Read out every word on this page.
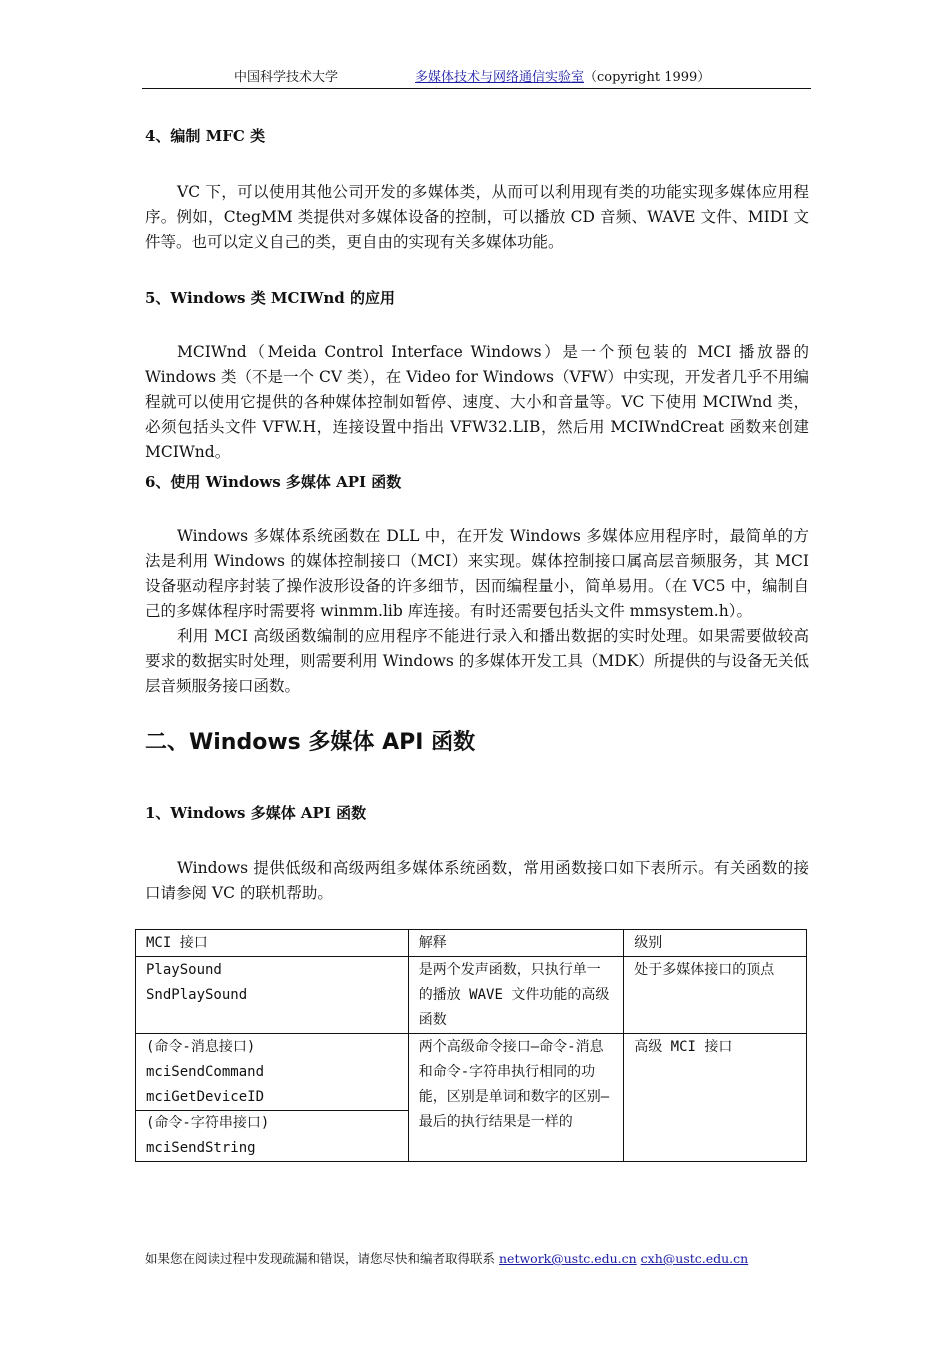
中国科学技术大学	多媒体技术与网络通信实验室（copyright 1999）
4、编制 MFC 类

VC 下，可以使用其他公司开发的多媒体类，从而可以利用现有类的功能实现多媒体应用程序。例如，CtegMM 类提供对多媒体设备的控制，可以播放 CD 音频、WAVE 文件、MIDI 文件等。也可以定义自己的类，更自由的实现有关多媒体功能。

5、Windows 类 MCIWnd 的应用

MCIWnd（Meida Control Interface Windows）是一个预包装的 MCI 播放器的 Windows 类（不是一个 CV 类），在 Video for Windows（VFW）中实现，开发者几乎不用编程就可以使用它提供的各种媒体控制如暂停、速度、大小和音量等。VC 下使用 MCIWnd 类，必须包括头文件 VFW.H，连接设置中指出 VFW32.LIB，然后用 MCIWndCreat 函数来创建 MCIWnd。

6、使用 Windows 多媒体 API 函数

Windows 多媒体系统函数在 DLL 中，在开发 Windows 多媒体应用程序时，最简单的方法是利用 Windows 的媒体控制接口（MCI）来实现。媒体控制接口属高层音频服务，其 MCI 设备驱动程序封装了操作波形设备的许多细节，因而编程量小，简单易用。（在 VC5 中，编制自己的多媒体程序时需要将 winmm.lib 库连接。有时还需要包括头文件 mmsystem.h）。

利用 MCI 高级函数编制的应用程序不能进行录入和播出数据的实时处理。如果需要做较高要求的数据实时处理，则需要利用 Windows 的多媒体开发工具（MDK）所提供的与设备无关低层音频服务接口函数。

二、Windows 多媒体 API 函数
1、Windows 多媒体 API 函数

Windows 提供低级和高级两组多媒体系统函数，常用函数接口如下表所示。有关函数的接口请参阅 VC 的联机帮助。

MCI 接口	解释	级别

PlaySound
SndPlaySound	是两个发声函数，只执行单一的播放 WAVE 文件功能的高级函数	处于多媒体接口的顶点

(命令-消息接口)
mciSendCommand
mciGetDeviceID
(命令-字符串接口)
mciSendString	两个高级命令接口—命令-消息和命令-字符串执行相同的功能，区别是单词和数字的区别—最后的执行结果是一样的	高级 MCI 接口
如果您在阅读过程中发现疏漏和错误，请您尽快和编者取得联系 network@ustc.edu.cn cxh@ustc.edu.cn
